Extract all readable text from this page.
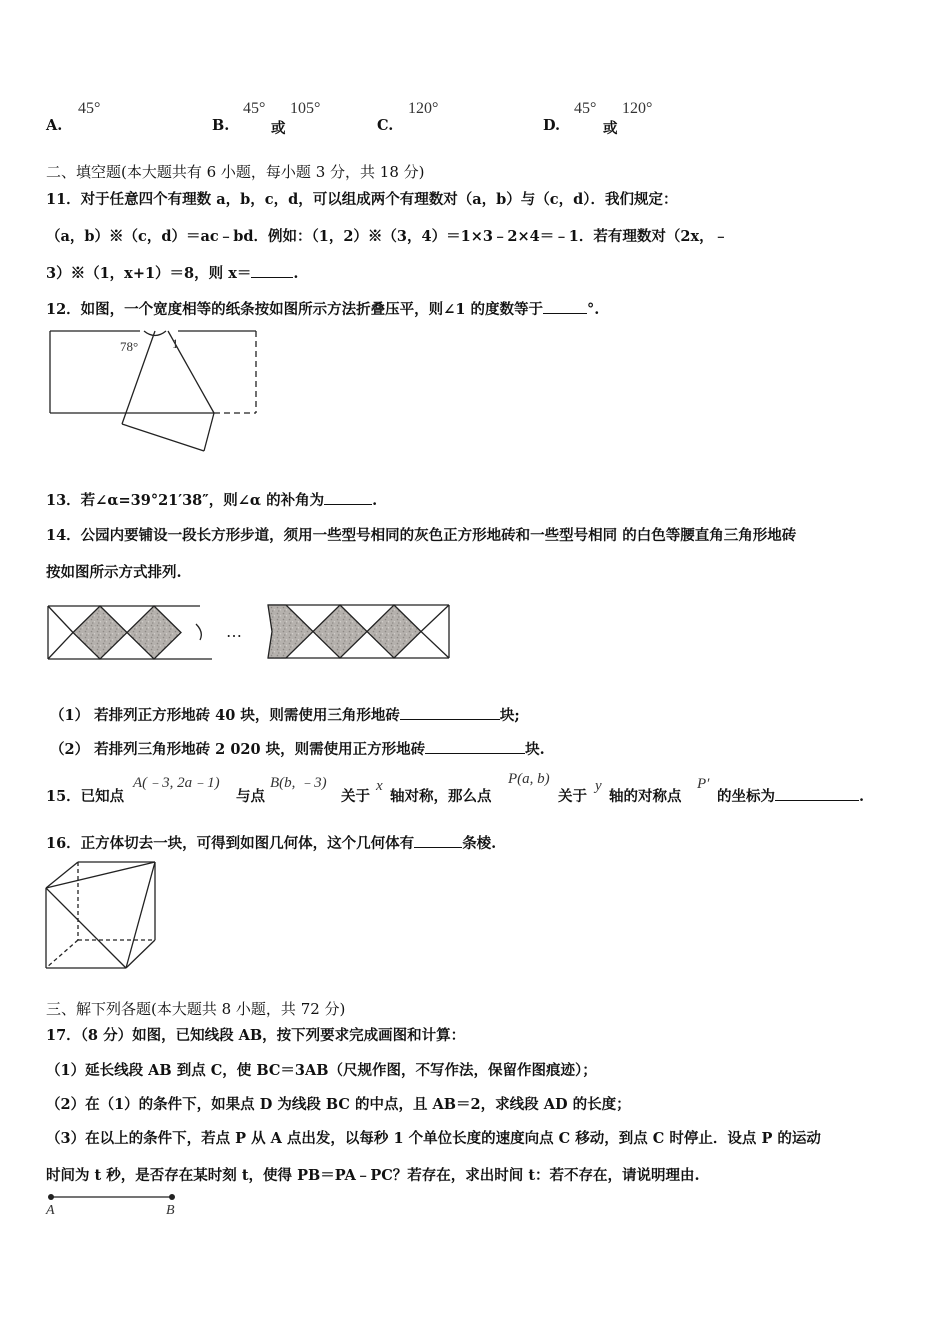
A.
45°
B.
45°
或
105°
C.
120°
D.
45°
或
120°
二、填空题(本大题共有 6 小题，每小题 3 分，共 18 分)
11．对于任意四个有理数 a，b，c，d，可以组成两个有理数对（a，b）与（c，d）．我们规定：
（a，b）※（c，d）＝ac﹣bd．例如：（1，2）※（3，4）＝1×3﹣2×4＝﹣1．若有理数对（2x，﹣
3）※（1，x+1）＝8，则 x＝	.
12．如图，一个宽度相等的纸条按如图所示方法折叠压平，则∠1 的度数等于	°.
78°	1
13．若∠α=39°21′38″，则∠α 的补角为	.
14．公园内要铺设一段长方形步道，须用一些型号相同的灰色正方形地砖和一些型号相同 的白色等腰直角三角形地砖
按如图所示方式排列.
…
（1） 若排列正方形地砖 40 块，则需使用三角形地砖	块;
（2） 若排列三角形地砖 2 020 块，则需使用正方形地砖	块.
15．已知点
A(﹣3, 2a﹣1)
与点
B(b, ﹣3)
关于
x
轴对称，那么点
P(a, b)
关于
y
轴的对称点
P′
的坐标为	.
16．正方体切去一块，可得到如图几何体，这个几何体有	条棱.
三、解下列各题(本大题共 8 小题，共 72 分)
17．（8 分）如图，已知线段 AB，按下列要求完成画图和计算：
（1）延长线段 AB 到点 C，使 BC＝3AB（尺规作图，不写作法，保留作图痕迹）；
（2）在（1）的条件下，如果点 D 为线段 BC 的中点，且 AB＝2，求线段 AD 的长度；
（3）在以上的条件下，若点 P 从 A 点出发，以每秒 1 个单位长度的速度向点 C 移动，到点 C 时停止．设点 P 的运动
时间为 t 秒，是否存在某时刻 t，使得 PB＝PA﹣PC？若存在，求出时间 t：若不存在，请说明理由.
A	B
